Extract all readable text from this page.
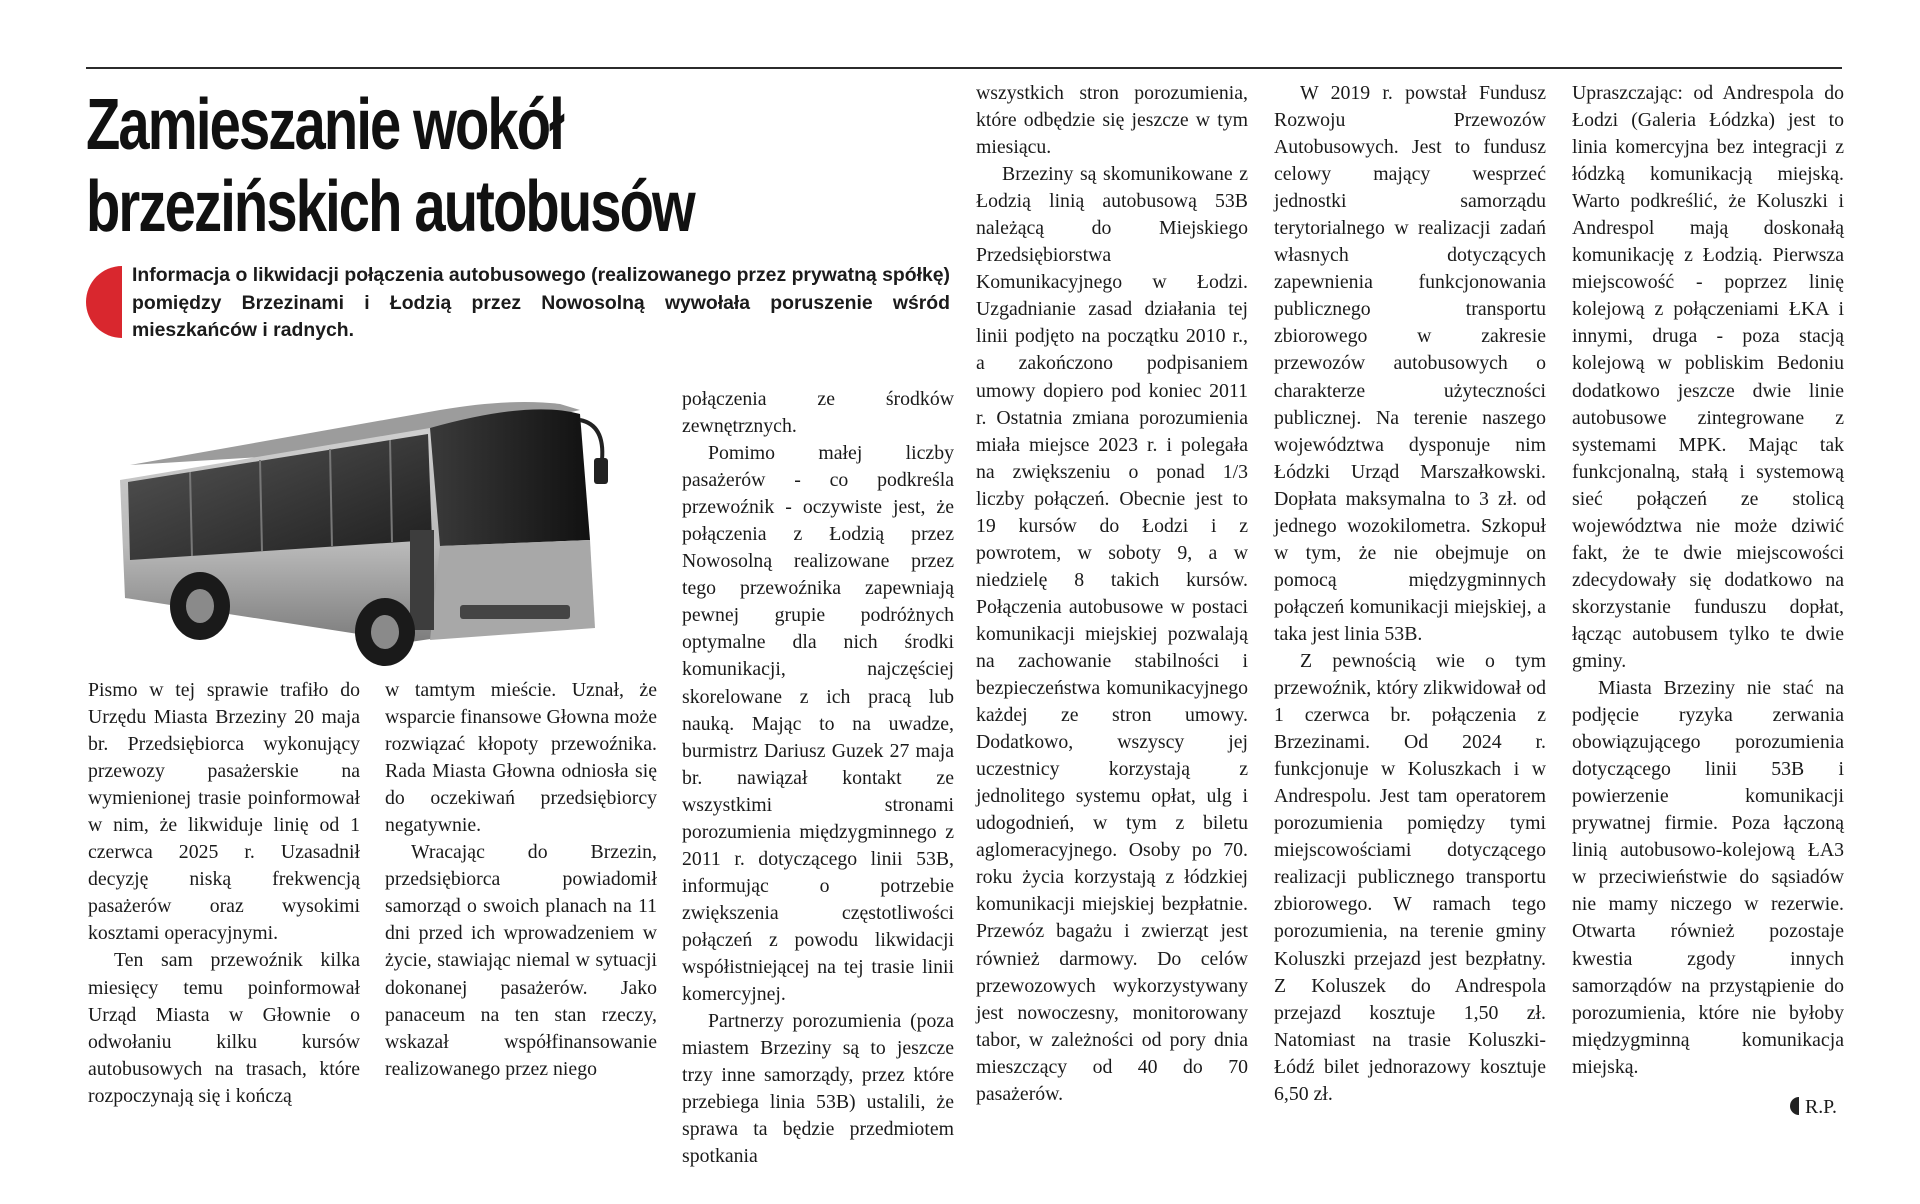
Zamieszanie wokół
brzezińskich autobusów

Informacja o likwidacji połączenia autobusowego (realizowanego przez prywatną spółkę) pomiędzy Brzezinami i Łodzią przez Nowosolną wywołała poruszenie wśród mieszkańców i radnych.

Pismo w tej sprawie trafiło do Urzędu Miasta Brzeziny 20 maja br. Przedsiębiorca wykonujący przewozy pasażerskie na wymienionej trasie poinformował w nim, że likwiduje linię od 1 czerwca 2025 r. Uzasadnił decyzję niską frekwencją pasażerów oraz wysokimi kosztami operacyjnymi.

Ten sam przewoźnik kilka miesięcy temu poinformował Urząd Miasta w Głownie o odwołaniu kilku kursów autobusowych na trasach, które rozpoczynają się i kończą

w tamtym mieście. Uznał, że wsparcie finansowe Głowna może rozwiązać kłopoty przewoźnika. Rada Miasta Głowna odniosła się do oczekiwań przedsiębiorcy negatywnie.

Wracając do Brzezin, przedsiębiorca powiadomił samorząd o swoich planach na 11 dni przed ich wprowadzeniem w życie, stawiając niemal w sytuacji dokonanej pasażerów. Jako panaceum na ten stan rzeczy, wskazał współfinansowanie realizowanego przez niego

połączenia ze środków zewnętrznych.

Pomimo małej liczby pasażerów - co podkreśla przewoźnik - oczywiste jest, że połączenia z Łodzią przez Nowosolną realizowane przez tego przewoźnika zapewniają pewnej grupie podróżnych optymalne dla nich środki komunikacji, najczęściej skorelowane z ich pracą lub nauką. Mając to na uwadze, burmistrz Dariusz Guzek 27 maja br. nawiązał kontakt ze wszystkimi stronami porozumienia międzygminnego z 2011 r. dotyczącego linii 53B, informując o potrzebie zwiększenia częstotliwości połączeń z powodu likwidacji współistniejącej na tej trasie linii komercyjnej.

Partnerzy porozumienia (poza miastem Brzeziny są to jeszcze trzy inne samorządy, przez które przebiega linia 53B) ustalili, że sprawa ta będzie przedmiotem spotkania

wszystkich stron porozumienia, które odbędzie się jeszcze w tym miesiącu.

Brzeziny są skomunikowane z Łodzią linią autobusową 53B należącą do Miejskiego Przedsiębiorstwa Komunikacyjnego w Łodzi. Uzgadnianie zasad działania tej linii podjęto na początku 2010 r., a zakończono podpisaniem umowy dopiero pod koniec 2011 r. Ostatnia zmiana porozumienia miała miejsce 2023 r. i polegała na zwiększeniu o ponad 1/3 liczby połączeń. Obecnie jest to 19 kursów do Łodzi i z powrotem, w soboty 9, a w niedzielę 8 takich kursów. Połączenia autobusowe w postaci komunikacji miejskiej pozwalają na zachowanie stabilności i bezpieczeństwa komunikacyjnego każdej ze stron umowy. Dodatkowo, wszyscy jej uczestnicy korzystają z jednolitego systemu opłat, ulg i udogodnień, w tym z biletu aglomeracyjnego. Osoby po 70. roku życia korzystają z łódzkiej komunikacji miejskiej bezpłatnie. Przewóz bagażu i zwierząt jest również darmowy. Do celów przewozowych wykorzystywany jest nowoczesny, monitorowany tabor, w zależności od pory dnia mieszczący od 40 do 70 pasażerów.

W 2019 r. powstał Fundusz Rozwoju Przewozów Autobusowych. Jest to fundusz celowy mający wesprzeć jednostki samorządu terytorialnego w realizacji zadań własnych dotyczących zapewnienia funkcjonowania publicznego transportu zbiorowego w zakresie przewozów autobusowych o charakterze użyteczności publicznej. Na terenie naszego województwa dysponuje nim Łódzki Urząd Marszałkowski. Dopłata maksymalna to 3 zł. od jednego wozokilometra. Szkopuł w tym, że nie obejmuje on pomocą międzygminnych połączeń komunikacji miejskiej, a taka jest linia 53B.

Z pewnością wie o tym przewoźnik, który zlikwidował od 1 czerwca br. połączenia z Brzezinami. Od 2024 r. funkcjonuje w Koluszkach i w Andrespolu. Jest tam operatorem porozumienia pomiędzy tymi miejscowościami dotyczącego realizacji publicznego transportu zbiorowego. W ramach tego porozumienia, na terenie gminy Koluszki przejazd jest bezpłatny. Z Koluszek do Andrespola przejazd kosztuje 1,50 zł. Natomiast na trasie Koluszki-Łódź bilet jednorazowy kosztuje 6,50 zł.

Upraszczając: od Andrespola do Łodzi (Galeria Łódzka) jest to linia komercyjna bez integracji z łódzką komunikacją miejską. Warto podkreślić, że Koluszki i Andrespol mają doskonałą komunikację z Łodzią. Pierwsza miejscowość - poprzez linię kolejową z połączeniami ŁKA i innymi, druga - poza stacją kolejową w pobliskim Bedoniu dodatkowo jeszcze dwie linie autobusowe zintegrowane z systemami MPK. Mając tak funkcjonalną, stałą i systemową sieć połączeń ze stolicą województwa nie może dziwić fakt, że te dwie miejscowości zdecydowały się dodatkowo na skorzystanie funduszu dopłat, łącząc autobusem tylko te dwie gminy.

Miasta Brzeziny nie stać na podjęcie ryzyka zerwania obowiązującego porozumienia dotyczącego linii 53B i powierzenie komunikacji prywatnej firmie. Poza łączoną linią autobusowo-kolejową ŁA3 w przeciwieństwie do sąsiadów nie mamy niczego w rezerwie. Otwarta również pozostaje kwestia zgody innych samorządów na przystąpienie do porozumienia, które nie byłoby międzygminną komunikacja miejską.

R.P.
